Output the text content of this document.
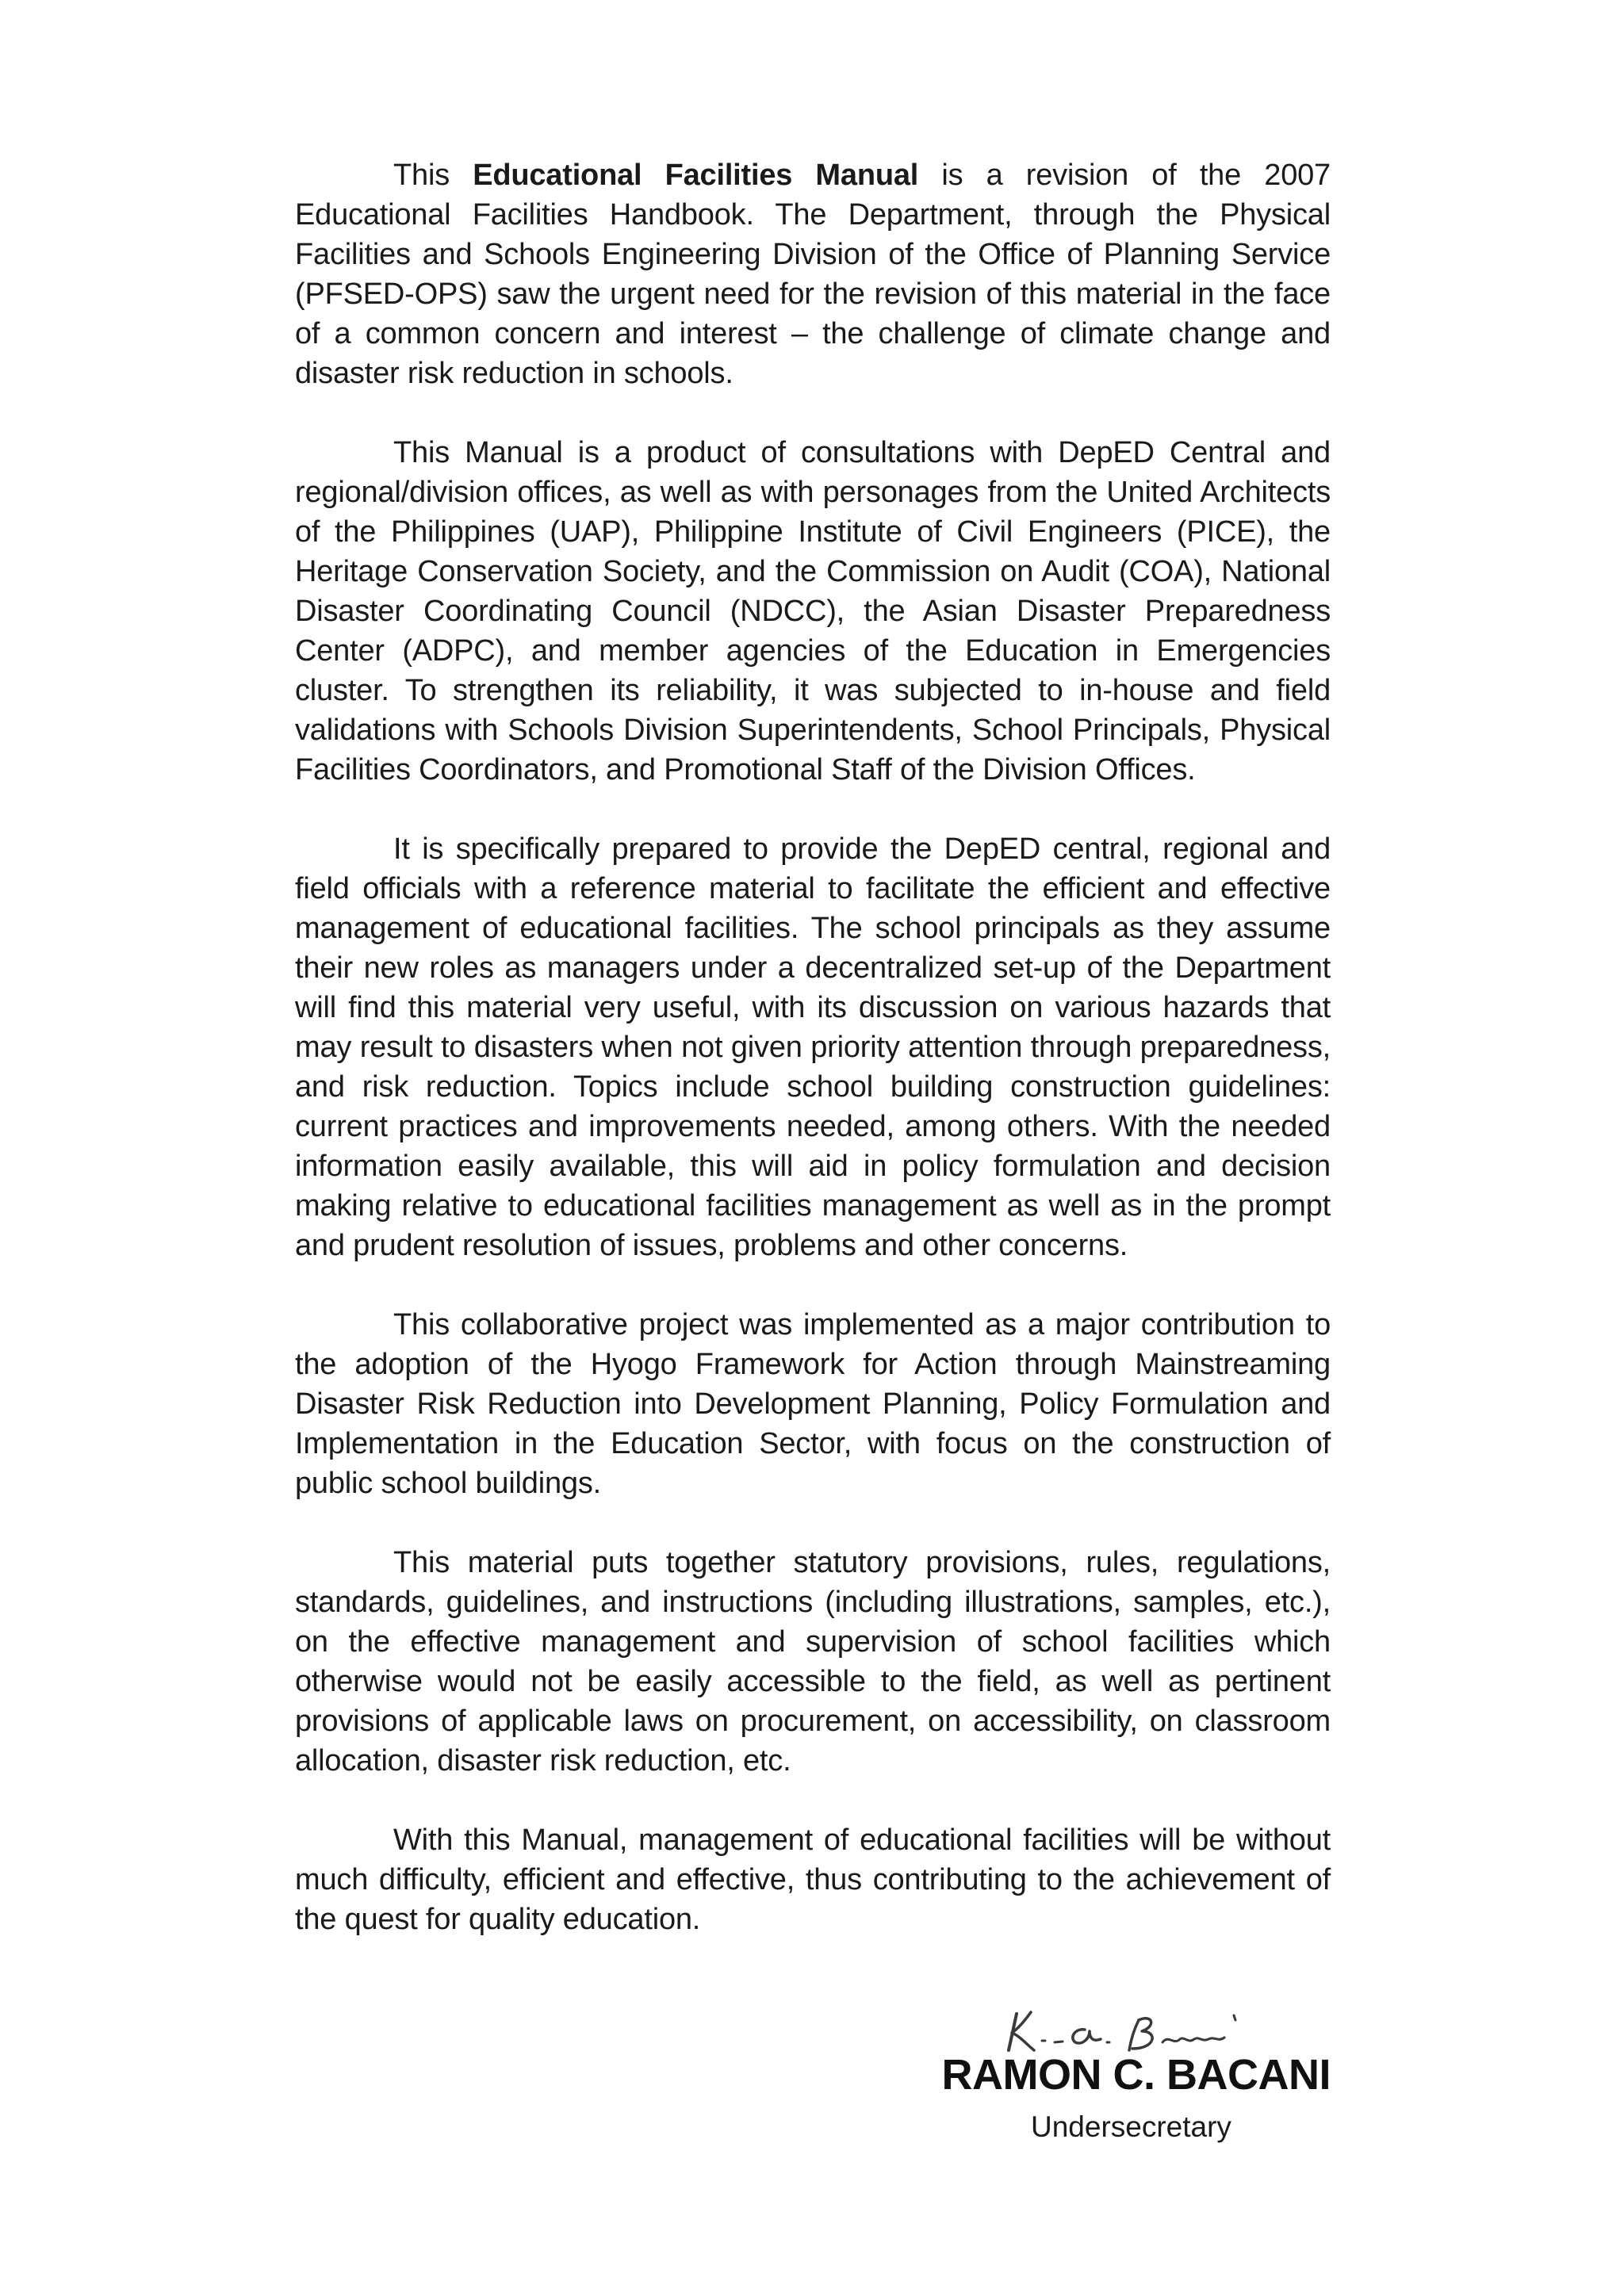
This Educational Facilities Manual is a revision of the 2007 Educational Facilities Handbook. The Department, through the Physical Facilities and Schools Engineering Division of the Office of Planning Service (PFSED-OPS) saw the urgent need for the revision of this material in the face of a common concern and interest – the challenge of climate change and disaster risk reduction in schools.

This Manual is a product of consultations with DepED Central and regional/division offices, as well as with personages from the United Architects of the Philippines (UAP), Philippine Institute of Civil Engineers (PICE), the Heritage Conservation Society, and the Commission on Audit (COA), National Disaster Coordinating Council (NDCC), the Asian Disaster Preparedness Center (ADPC), and member agencies of the Education in Emergencies cluster. To strengthen its reliability, it was subjected to in-house and field validations with Schools Division Superintendents, School Principals, Physical Facilities Coordinators, and Promotional Staff of the Division Offices.

It is specifically prepared to provide the DepED central, regional and field officials with a reference material to facilitate the efficient and effective management of educational facilities. The school principals as they assume their new roles as managers under a decentralized set-up of the Department will find this material very useful, with its discussion on various hazards that may result to disasters when not given priority attention through preparedness, and risk reduction. Topics include school building construction guidelines: current practices and improvements needed, among others. With the needed information easily available, this will aid in policy formulation and decision making relative to educational facilities management as well as in the prompt and prudent resolution of issues, problems and other concerns.

This collaborative project was implemented as a major contribution to the adoption of the Hyogo Framework for Action through Mainstreaming Disaster Risk Reduction into Development Planning, Policy Formulation and Implementation in the Education Sector, with focus on the construction of public school buildings.

This material puts together statutory provisions, rules, regulations, standards, guidelines, and instructions (including illustrations, samples, etc.), on the effective management and supervision of school facilities which otherwise would not be easily accessible to the field, as well as pertinent provisions of applicable laws on procurement, on accessibility, on classroom allocation, disaster risk reduction, etc.

With this Manual, management of educational facilities will be without much difficulty, efficient and effective, thus contributing to the achievement of the quest for quality education.

RAMON C. BACANI
Undersecretary
